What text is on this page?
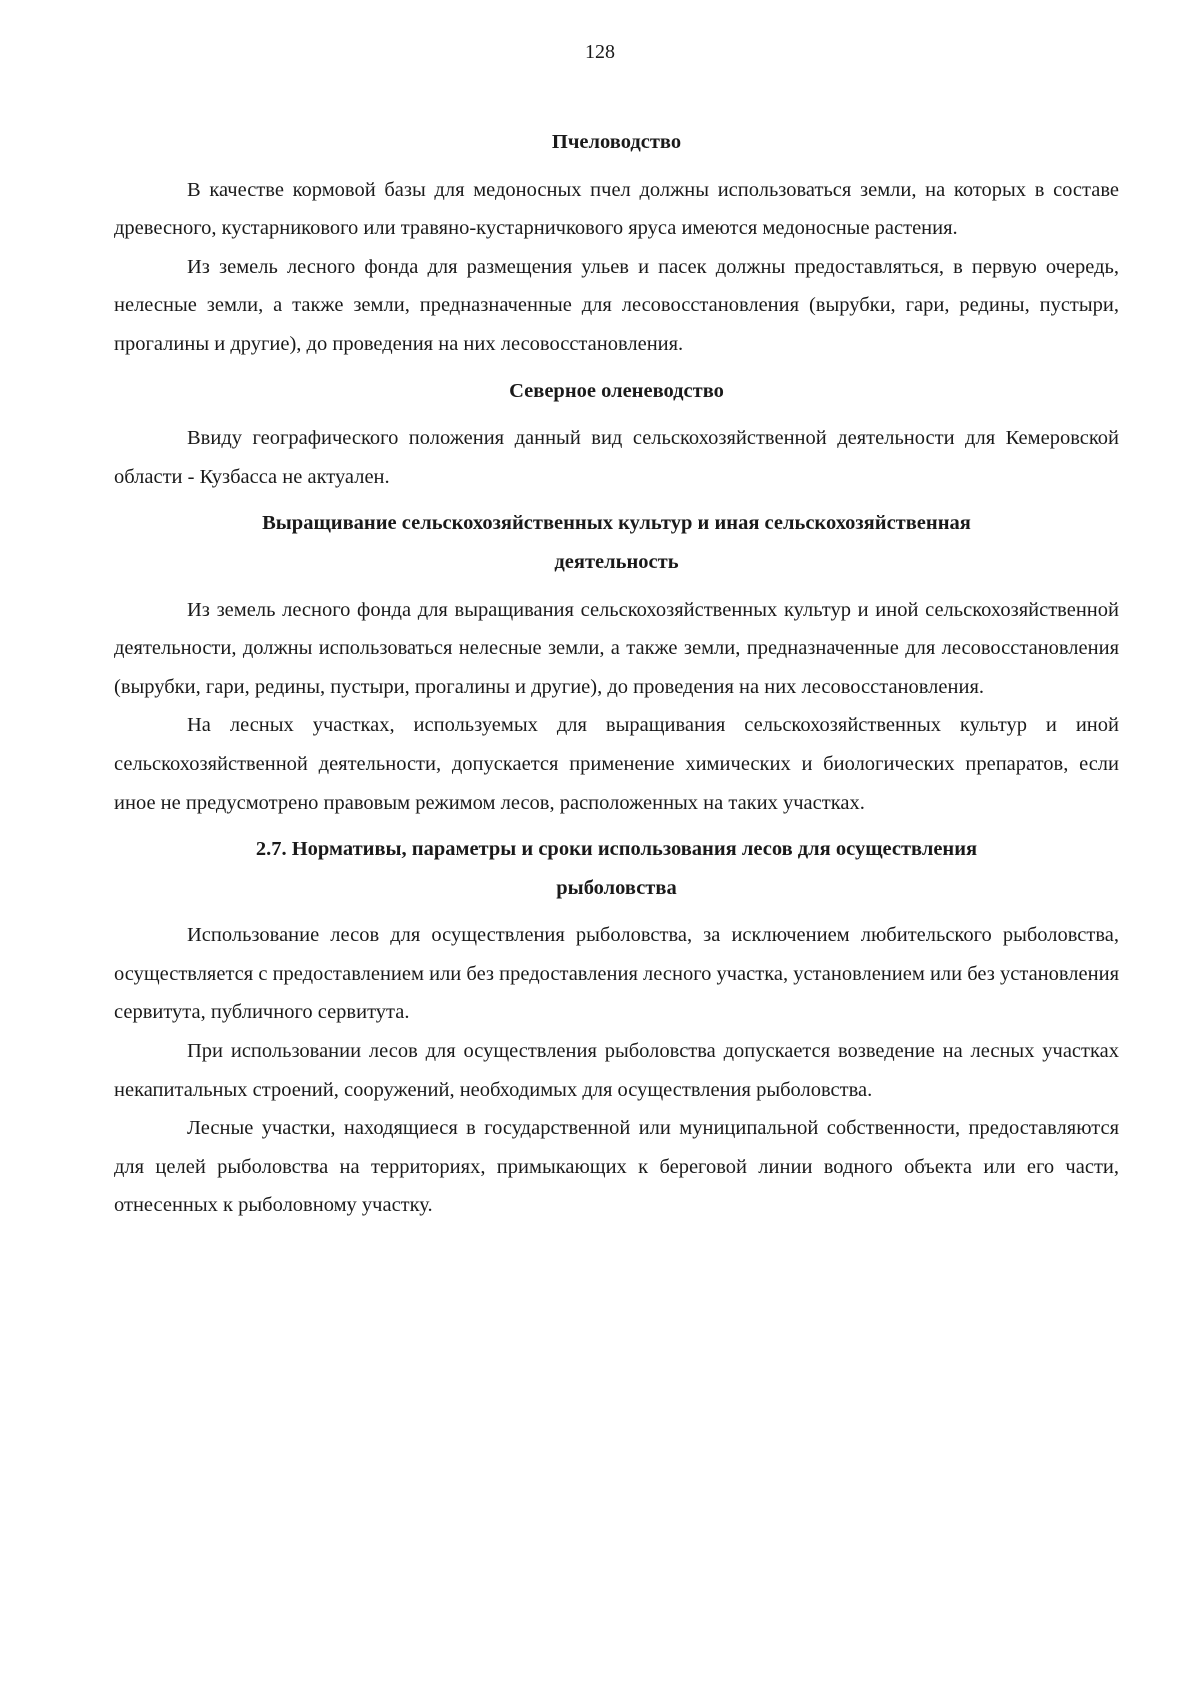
128
Пчеловодство

В качестве кормовой базы для медоносных пчел должны использоваться земли, на которых в составе древесного, кустарникового или травяно-кустарничкового яруса имеются медоносные растения.

Из земель лесного фонда для размещения ульев и пасек должны предоставляться, в первую очередь, нелесные земли, а также земли, предназначенные для лесовосстановления (вырубки, гари, редины, пустыри, прогалины и другие), до проведения на них лесовосстановления.

Северное оленеводство

Ввиду географического положения данный вид сельскохозяйственной деятельности для Кемеровской области - Кузбасса не актуален.

Выращивание сельскохозяйственных культур и иная сельскохозяйственная деятельность

Из земель лесного фонда для выращивания сельскохозяйственных культур и иной сельскохозяйственной деятельности, должны использоваться нелесные земли, а также земли, предназначенные для лесовосстановления (вырубки, гари, редины, пустыри, прогалины и другие), до проведения на них лесовосстановления.

На лесных участках, используемых для выращивания сельскохозяйственных культур и иной сельскохозяйственной деятельности, допускается применение химических и биологических препаратов, если иное не предусмотрено правовым режимом лесов, расположенных на таких участках.

2.7. Нормативы, параметры и сроки использования лесов для осуществления рыболовства

Использование лесов для осуществления рыболовства, за исключением любительского рыболовства, осуществляется с предоставлением или без предоставления лесного участка, установлением или без установления сервитута, публичного сервитута.

При использовании лесов для осуществления рыболовства допускается возведение на лесных участках некапитальных строений, сооружений, необходимых для осуществления рыболовства.

Лесные участки, находящиеся в государственной или муниципальной собственности, предоставляются для целей рыболовства на территориях, примыкающих к береговой линии водного объекта или его части, отнесенных к рыболовному участку.
